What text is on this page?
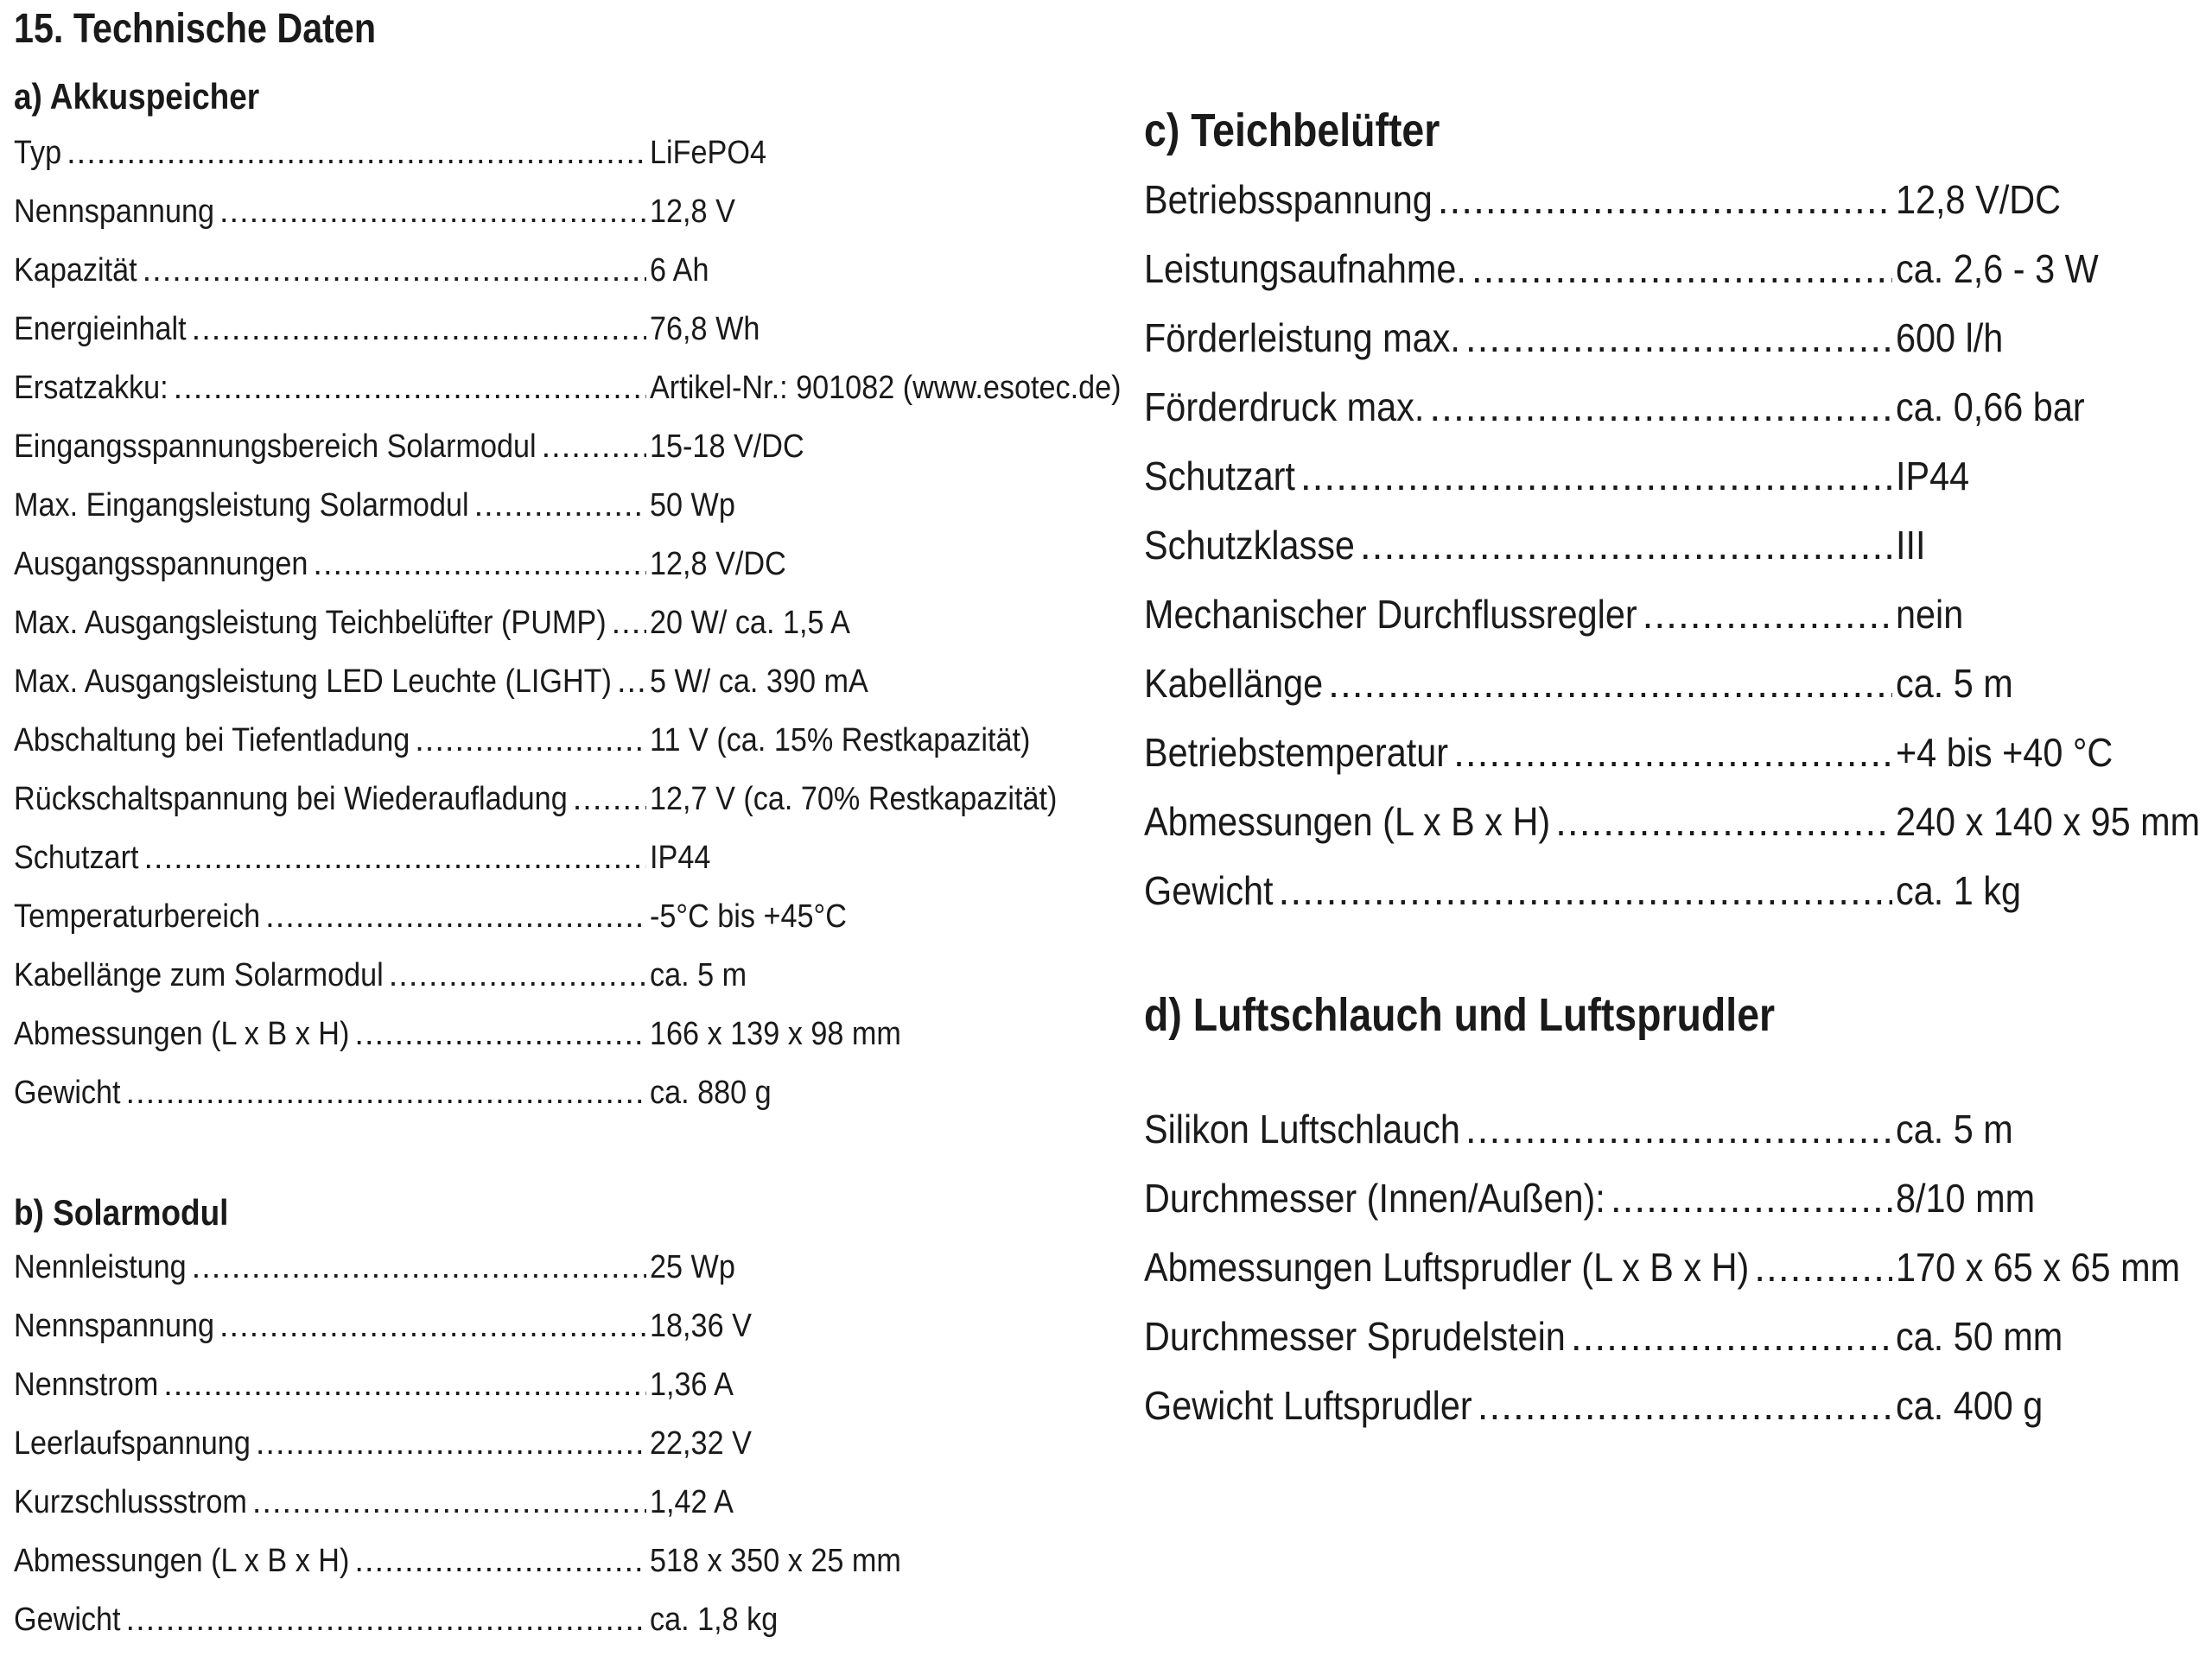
15. Technische Daten
a) Akkuspeicher
Typ .....	LiFePO4
Nennspannung .....	12,8 V
Kapazität .....	6 Ah
Energieinhalt .....	76,8 Wh
Ersatzakku: .....	Artikel-Nr.: 901082 (www.esotec.de)
Eingangsspannungsbereich Solarmodul .....	15-18 V/DC
Max. Eingangsleistung Solarmodul .....	50 Wp
Ausgangsspannungen .....	12,8 V/DC
Max. Ausgangsleistung Teichbelüfter (PUMP) ..... 20 W/ ca. 1,5 A
Max. Ausgangsleistung LED Leuchte (LIGHT) ..... 5 W/ ca. 390 mA
Abschaltung bei Tiefentladung .....	11 V (ca. 15% Restkapazität)
Rückschaltspannung bei Wiederaufladung .....	12,7 V (ca. 70% Restkapazität)
Schutzart .....	IP44
Temperaturbereich .....	-5°C bis +45°C
Kabellänge zum Solarmodul .....	ca. 5 m
Abmessungen (L x B x H) .....	166 x 139 x 98 mm
Gewicht .....	ca. 880 g
b) Solarmodul
Nennleistung .....	25 Wp
Nennspannung .....	18,36 V
Nennstrom .....	1,36 A
Leerlaufspannung .....	22,32 V
Kurzschlussstrom .....	1,42 A
Abmessungen (L x B x H) .....	518 x 350 x 25 mm
Gewicht .....	ca. 1,8 kg
c) Teichbelüfter
Betriebsspannung .....	12,8 V/DC
Leistungsaufnahme. .....	ca. 2,6 - 3 W
Förderleistung max. .....	600 l/h
Förderdruck max. .....	ca. 0,66 bar
Schutzart .....	IP44
Schutzklasse .....	III
Mechanischer Durchflussregler .....	nein
Kabellänge .....	ca. 5 m
Betriebstemperatur .....	+4 bis +40 °C
Abmessungen (L x B x H) .....	240 x 140 x 95 mm
Gewicht .....	ca. 1 kg
d) Luftschlauch und Luftsprudler
Silikon Luftschlauch .....	ca. 5 m
Durchmesser (Innen/Außen): .....	8/10 mm
Abmessungen Luftsprudler (L x B x H) .....	170 x 65 x 65 mm
Durchmesser Sprudelstein .....	ca. 50 mm
Gewicht Luftsprudler .....	ca. 400 g
